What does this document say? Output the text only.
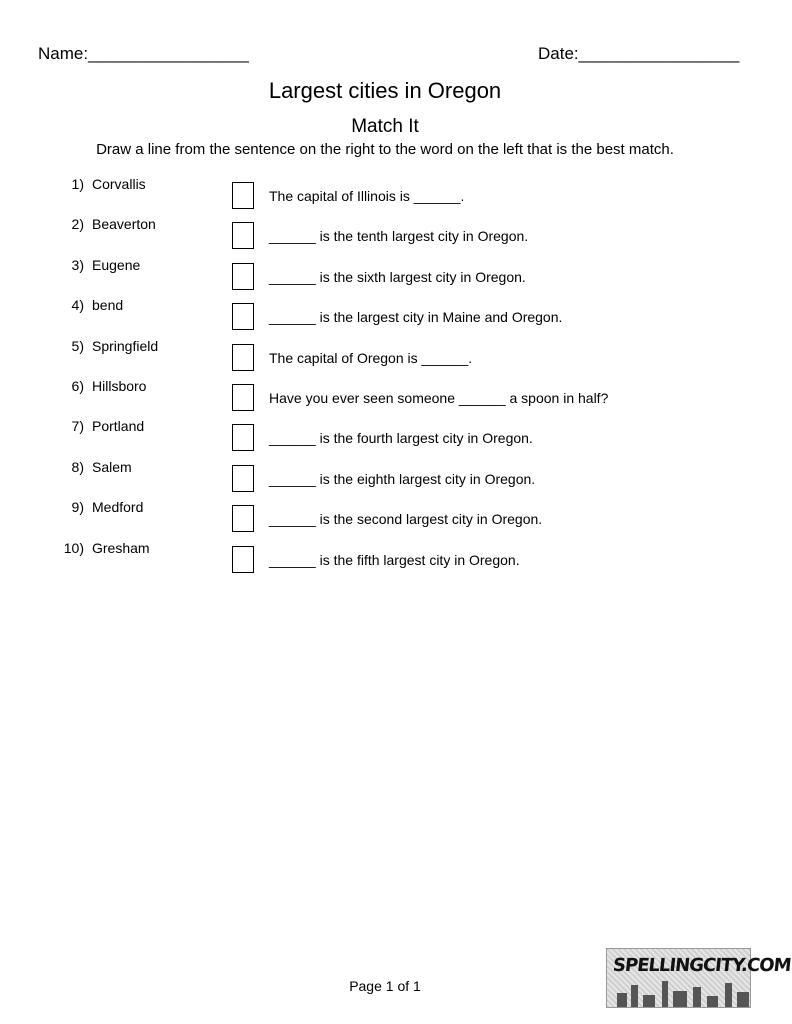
Name:_________________	Date:_________________
Largest cities in Oregon
Match It
Draw a line from the sentence on the right to the word on the left that is the best match.
1) Corvallis
2) Beaverton
3) Eugene
4) bend
5) Springfield
6) Hillsboro
7) Portland
8) Salem
9) Medford
10) Gresham
The capital of Illinois is ______.
______ is the tenth largest city in Oregon.
______ is the sixth largest city in Oregon.
______ is the largest city in Maine and Oregon.
The capital of Oregon is ______.
Have you ever seen someone ______ a spoon in half?
______ is the fourth largest city in Oregon.
______ is the eighth largest city in Oregon.
______ is the second largest city in Oregon.
______ is the fifth largest city in Oregon.
Page 1 of 1
SPELLINGCITY.COM
